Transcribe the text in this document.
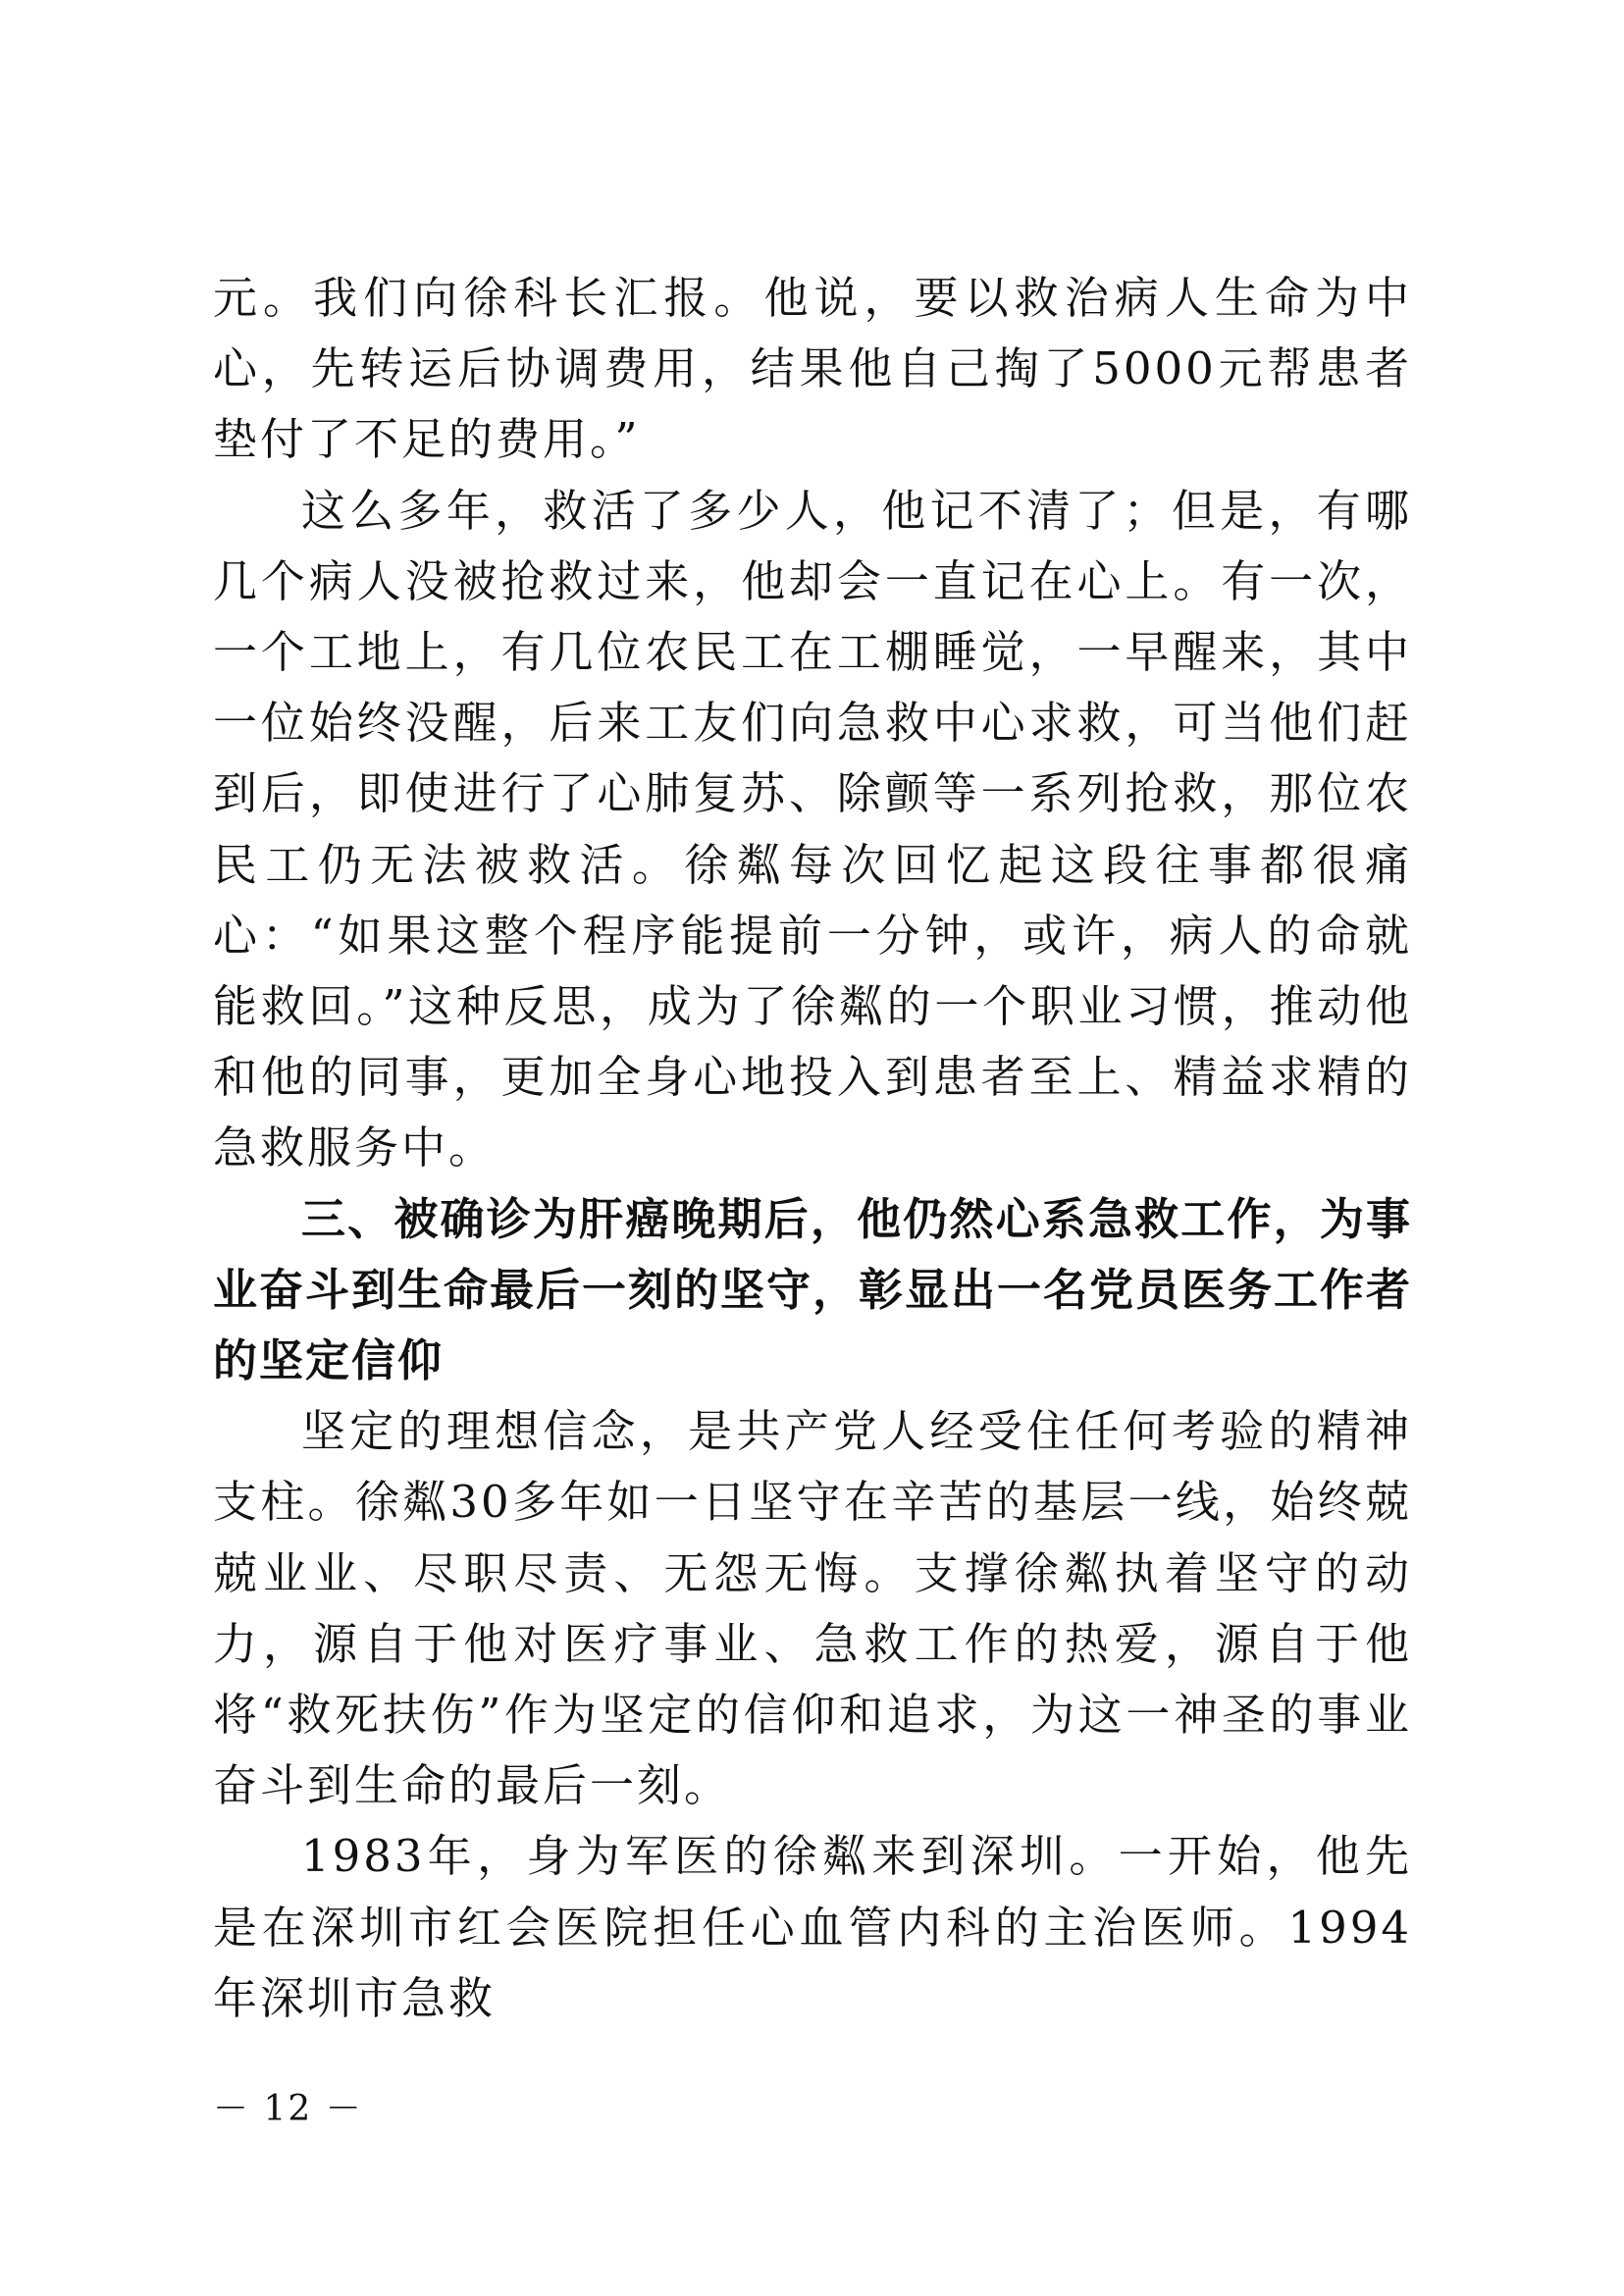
元。我们向徐科长汇报。他说，要以救治病人生命为中心，先转运后协调费用，结果他自己掏了5000元帮患者垫付了不足的费用。”

这么多年，救活了多少人，他记不清了；但是，有哪几个病人没被抢救过来，他却会一直记在心上。有一次，一个工地上，有几位农民工在工棚睡觉，一早醒来，其中一位始终没醒，后来工友们向急救中心求救，可当他们赶到后，即使进行了心肺复苏、除颤等一系列抢救，那位农民工仍无法被救活。徐粼每次回忆起这段往事都很痛心：“如果这整个程序能提前一分钟，或许，病人的命就能救回。”这种反思，成为了徐粼的一个职业习惯，推动他和他的同事，更加全身心地投入到患者至上、精益求精的急救服务中。

三、被确诊为肝癌晚期后，他仍然心系急救工作，为事业奋斗到生命最后一刻的坚守，彰显出一名党员医务工作者的坚定信仰

坚定的理想信念，是共产党人经受住任何考验的精神支柱。徐粼30多年如一日坚守在辛苦的基层一线，始终兢兢业业、尽职尽责、无怨无悔。支撑徐粼执着坚守的动力，源自于他对医疗事业、急救工作的热爱，源自于他将“救死扶伤”作为坚定的信仰和追求，为这一神圣的事业奋斗到生命的最后一刻。

1983年，身为军医的徐粼来到深圳。一开始，他先是在深圳市红会医院担任心血管内科的主治医师。1994年深圳市急救

－ 12 －
